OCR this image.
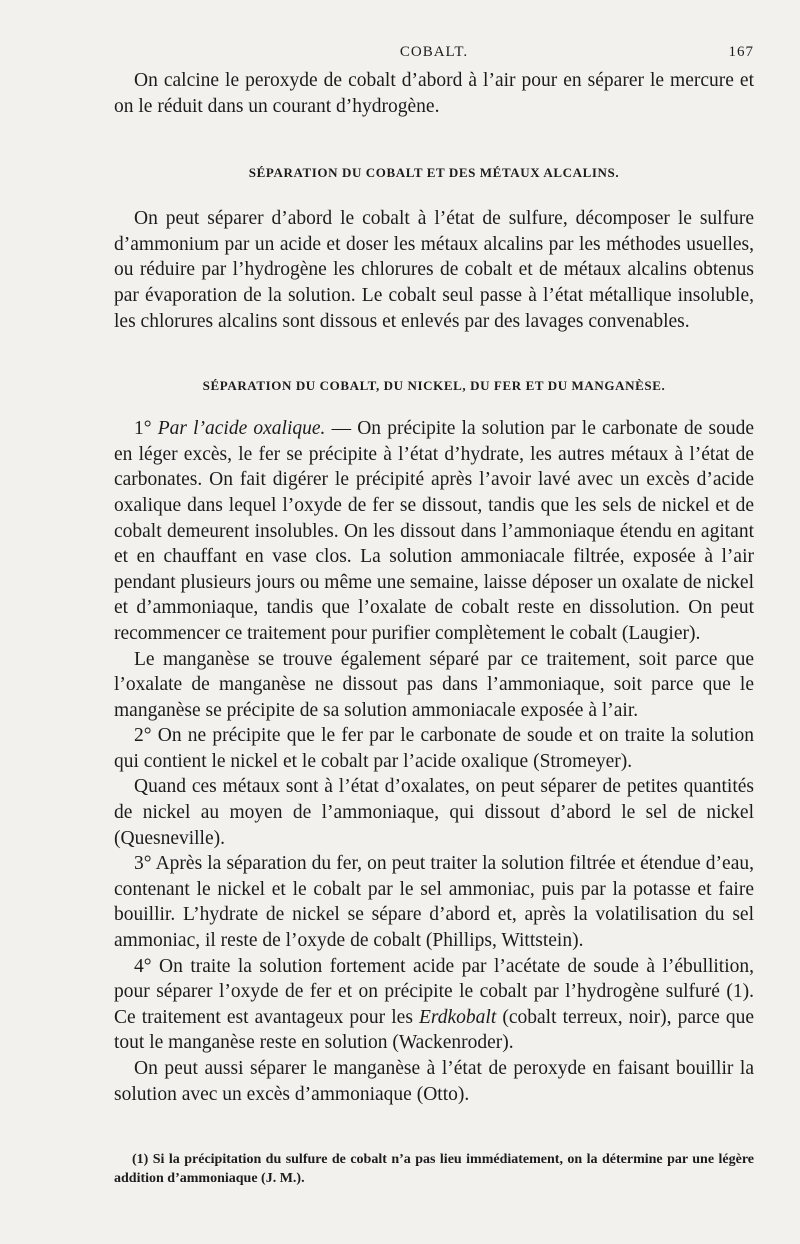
COBALT.	167

On calcine le peroxyde de cobalt d’abord à l’air pour en séparer le mercure et on le réduit dans un courant d’hydrogène.

SÉPARATION DU COBALT ET DES MÉTAUX ALCALINS.

On peut séparer d’abord le cobalt à l’état de sulfure, décomposer le sulfure d’ammonium par un acide et doser les métaux alcalins par les méthodes usuelles, ou réduire par l’hydrogène les chlorures de cobalt et de métaux alcalins obtenus par évaporation de la solution. Le cobalt seul passe à l’état métallique insoluble, les chlorures alcalins sont dissous et enlevés par des lavages convenables.

SÉPARATION DU COBALT, DU NICKEL, DU FER ET DU MANGANÈSE.

1° Par l’acide oxalique. — On précipite la solution par le carbonate de soude en léger excès, le fer se précipite à l’état d’hydrate, les autres métaux à l’état de carbonates. On fait digérer le précipité après l’avoir lavé avec un excès d’acide oxalique dans lequel l’oxyde de fer se dissout, tandis que les sels de nickel et de cobalt demeurent insolubles. On les dissout dans l’ammoniaque étendu en agitant et en chauffant en vase clos. La solution ammoniacale filtrée, exposée à l’air pendant plusieurs jours ou même une semaine, laisse déposer un oxalate de nickel et d’ammoniaque, tandis que l’oxalate de cobalt reste en dissolution. On peut recommencer ce traitement pour purifier complètement le cobalt (Laugier).

Le manganèse se trouve également séparé par ce traitement, soit parce que l’oxalate de manganèse ne dissout pas dans l’ammoniaque, soit parce que le manganèse se précipite de sa solution ammoniacale exposée à l’air.

2° On ne précipite que le fer par le carbonate de soude et on traite la solution qui contient le nickel et le cobalt par l’acide oxalique (Stromeyer).

Quand ces métaux sont à l’état d’oxalates, on peut séparer de petites quantités de nickel au moyen de l’ammoniaque, qui dissout d’abord le sel de nickel (Quesneville).

3° Après la séparation du fer, on peut traiter la solution filtrée et étendue d’eau, contenant le nickel et le cobalt par le sel ammoniac, puis par la potasse et faire bouillir. L’hydrate de nickel se sépare d’abord et, après la volatilisation du sel ammoniac, il reste de l’oxyde de cobalt (Phillips, Wittstein).

4° On traite la solution fortement acide par l’acétate de soude à l’ébullition, pour séparer l’oxyde de fer et on précipite le cobalt par l’hydrogène sulfuré (1). Ce traitement est avantageux pour les Erdkobalt (cobalt terreux, noir), parce que tout le manganèse reste en solution (Wackenroder).

On peut aussi séparer le manganèse à l’état de peroxyde en faisant bouillir la solution avec un excès d’ammoniaque (Otto).

(1) Si la précipitation du sulfure de cobalt n’a pas lieu immédiatement, on la détermine par une légère addition d’ammoniaque (J. M.).
